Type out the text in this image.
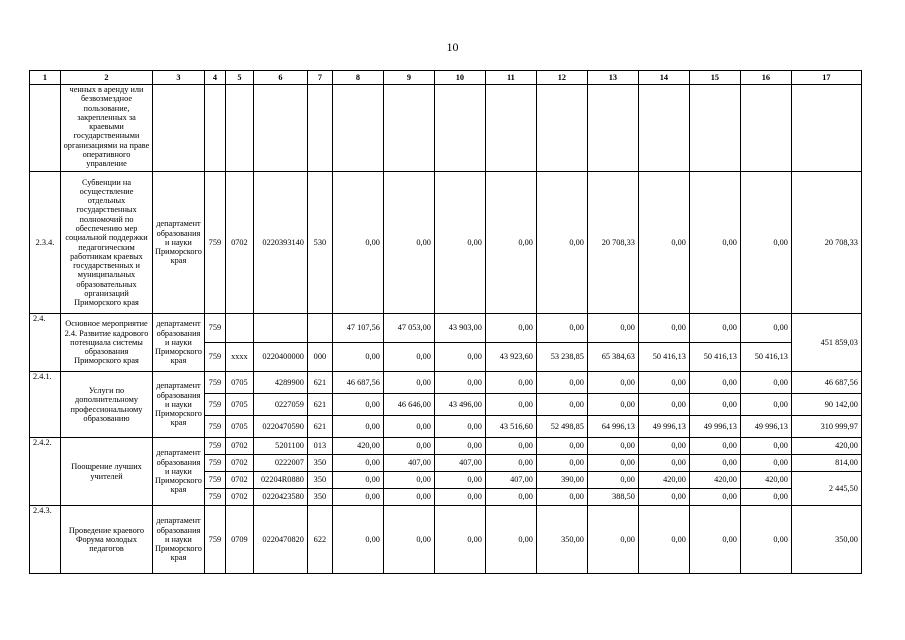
10
1	2	3	4	5	6	7	8	9	10	11	12	13	14	15	16	17
	ченных в аренду или безвозмездное пользование, закрепленных за краевыми государственными организациями на праве оперативного управление															
2.3.4.	Субвенции на осуществление отдельных государственных полномочий по обеспечению мер социальной поддержки педагогическим работникам краевых государственных и муниципальных образовательных организаций Приморского края	департамент образования и науки Приморского края	759	0702	0220393140	530	0,00	0,00	0,00	0,00	0,00	20 708,33	0,00	0,00	0,00	20 708,33
2.4.	Основное мероприятие 2.4. Развитие кадрового потенциала системы образования Приморского края	департамент образования и науки Приморского края	759				47 107,56	47 053,00	43 903,00	0,00	0,00	0,00	0,00	0,00	0,00	451 859,03
			759	xxxx	0220400000	000	0,00	0,00	0,00	43 923,60	53 238,85	65 384,63	50 416,13	50 416,13	50 416,13	
2.4.1.	Услуги по дополнительному профессиональному образованию	департамент образования и науки Приморского края	759	0705	4289900	621	46 687,56	0,00	0,00	0,00	0,00	0,00	0,00	0,00	0,00	46 687,56
			759	0705	0227059	621	0,00	46 646,00	43 496,00	0,00	0,00	0,00	0,00	0,00	0,00	90 142,00
			759	0705	0220470590	621	0,00	0,00	0,00	43 516,60	52 498,85	64 996,13	49 996,13	49 996,13	49 996,13	310 999,97
2.4.2.	Поощрение лучших учителей	департамент образования и науки Приморского края	759	0702	5201100	013	420,00	0,00	0,00	0,00	0,00	0,00	0,00	0,00	0,00	420,00
			759	0702	0222007	350	0,00	407,00	407,00	0,00	0,00	0,00	0,00	0,00	0,00	814,00
			759	0702	02204R0880	350	0,00	0,00	0,00	407,00	390,00	0,00	420,00	420,00	420,00	2 445,50
			759	0702	0220423580	350	0,00	0,00	0,00	0,00	0,00	388,50	0,00	0,00	0,00	
2.4.3.	Проведение краевого Форума молодых педагогов	департамент образования и науки Приморского края	759	0709	0220470820	622	0,00	0,00	0,00	0,00	350,00	0,00	0,00	0,00	0,00	350,00
